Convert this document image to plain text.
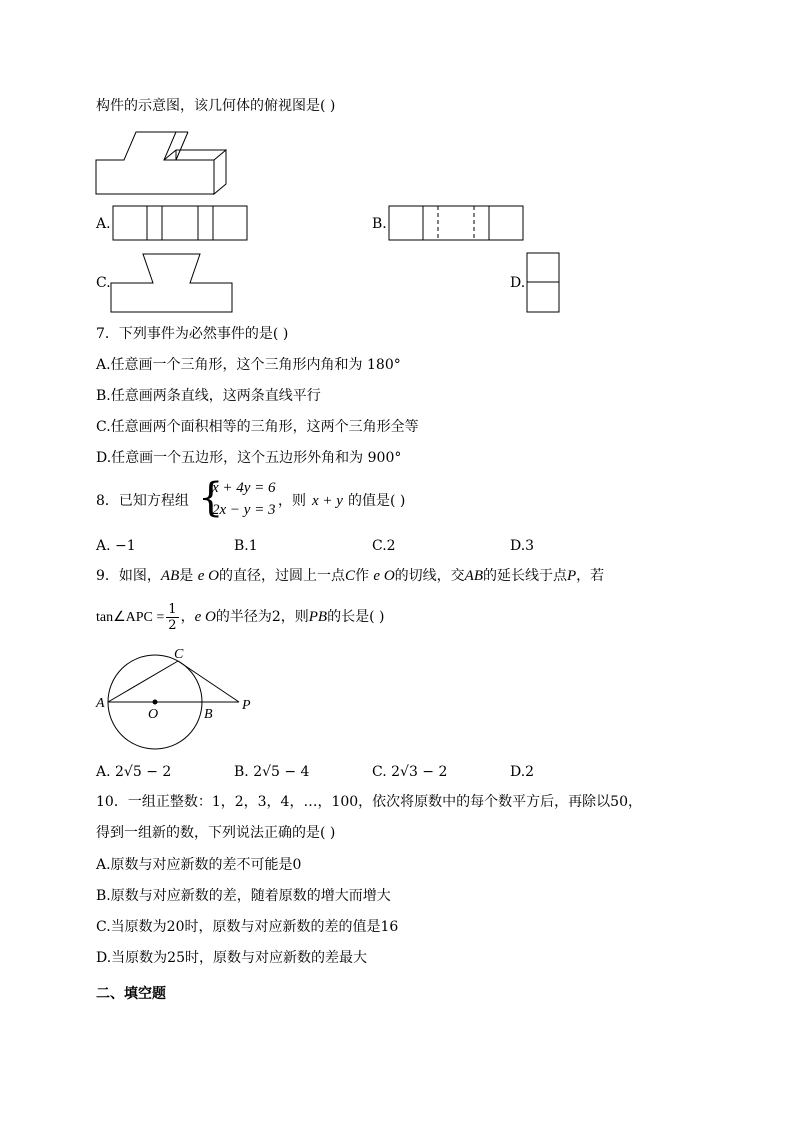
构件的示意图，该几何体的俯视图是( )
A.	B.
C.	D.
7．下列事件为必然事件的是( )
A.任意画一个三角形，这个三角形内角和为 180°
B.任意画两条直线，这两条直线平行
C.任意画两个面积相等的三角形，这两个三角形全等
D.任意画一个五边形，这个五边形外角和为 900°
8．已知方程组 {
x + 4y = 6
2x − y = 3
，则 x + y 的值是( )
A. −1	B.1	C.2	D.3
9．如图，AB是 e O的直径，过圆上一点C作 e O的切线，交AB的延长线于点P，若
tan∠APC = $\frac{1}{2}$ ，e O的半径为2，则PB的长是( )
A
O	B
C
P
A. 2√5 − 2	B. 2√5 − 4	C. 2√3 − 2	D.2
10．一组正整数：1，2，3，4，…，100，依次将原数中的每个数平方后，再除以50，
得到一组新的数，下列说法正确的是( )
A.原数与对应新数的差不可能是0
B.原数与对应新数的差，随着原数的增大而增大
C.当原数为20时，原数与对应新数的差的值是16
D.当原数为25时，原数与对应新数的差最大
二、填空题
